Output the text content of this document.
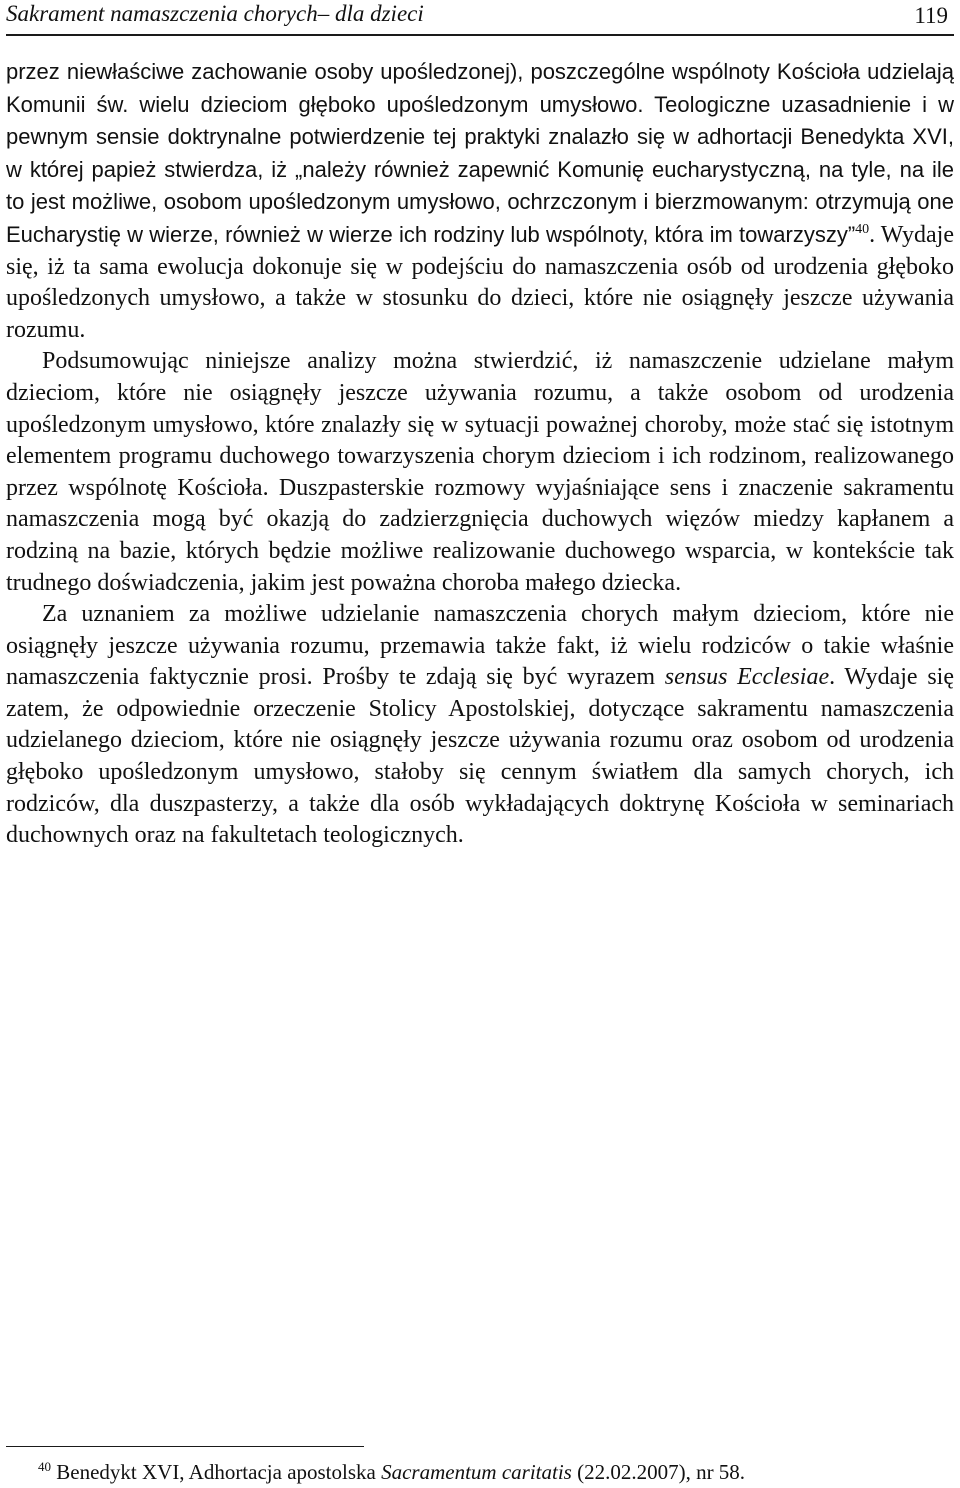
Sakrament namaszczenia chorych– dla dzieci	119

przez niewłaściwe zachowanie osoby upośledzonej), poszczególne wspólnoty Kościoła udzielają Komunii św. wielu dzieciom głęboko upośledzonym umysłowo. Teologiczne uzasadnienie i w pewnym sensie doktrynalne potwierdzenie tej praktyki znalazło się w adhortacji Benedykta XVI, w której papież stwierdza, iż „należy również zapewnić Komunię eucharystyczną, na tyle, na ile to jest możliwe, osobom upośledzonym umysłowo, ochrzczonym i bierzmowanym: otrzymują one Eucharystię w wierze, również w wierze ich rodziny lub wspólnoty, która im towarzyszy”$^{40}$. Wydaje się, iż ta sama ewolucja dokonuje się w podejściu do namaszczenia osób od urodzenia głęboko upośledzonych umysłowo, a także w stosunku do dzieci, które nie osiągnęły jeszcze używania rozumu.

Podsumowując niniejsze analizy można stwierdzić, iż namaszczenie udzielane małym dzieciom, które nie osiągnęły jeszcze używania rozumu, a także osobom od urodzenia upośledzonym umysłowo, które znalazły się w sytuacji poważnej choroby, może stać się istotnym elementem programu duchowego towarzyszenia chorym dzieciom i ich rodzinom, realizowanego przez wspólnotę Kościoła. Duszpasterskie rozmowy wyjaśniające sens i znaczenie sakramentu namaszczenia mogą być okazją do zadzierzgnięcia duchowych więzów miedzy kapłanem a rodziną na bazie, których będzie możliwe realizowanie duchowego wsparcia, w kontekście tak trudnego doświadczenia, jakim jest poważna choroba małego dziecka.

Za uznaniem za możliwe udzielanie namaszczenia chorych małym dzieciom, które nie osiągnęły jeszcze używania rozumu, przemawia także fakt, iż wielu rodziców o takie właśnie namaszczenia faktycznie prosi. Prośby te zdają się być wyrazem sensus Ecclesiae. Wydaje się zatem, że odpowiednie orzeczenie Stolicy Apostolskiej, dotyczące sakramentu namaszczenia udzielanego dzieciom, które nie osiągnęły jeszcze używania rozumu oraz osobom od urodzenia głęboko upośledzonym umysłowo, stałoby się cennym światłem dla samych chorych, ich rodziców, dla duszpasterzy, a także dla osób wykładających doktrynę Kościoła w seminariach duchownych oraz na fakultetach teologicznych.

$^{40}$ Benedykt XVI, Adhortacja apostolska Sacramentum caritatis (22.02.2007), nr 58.
